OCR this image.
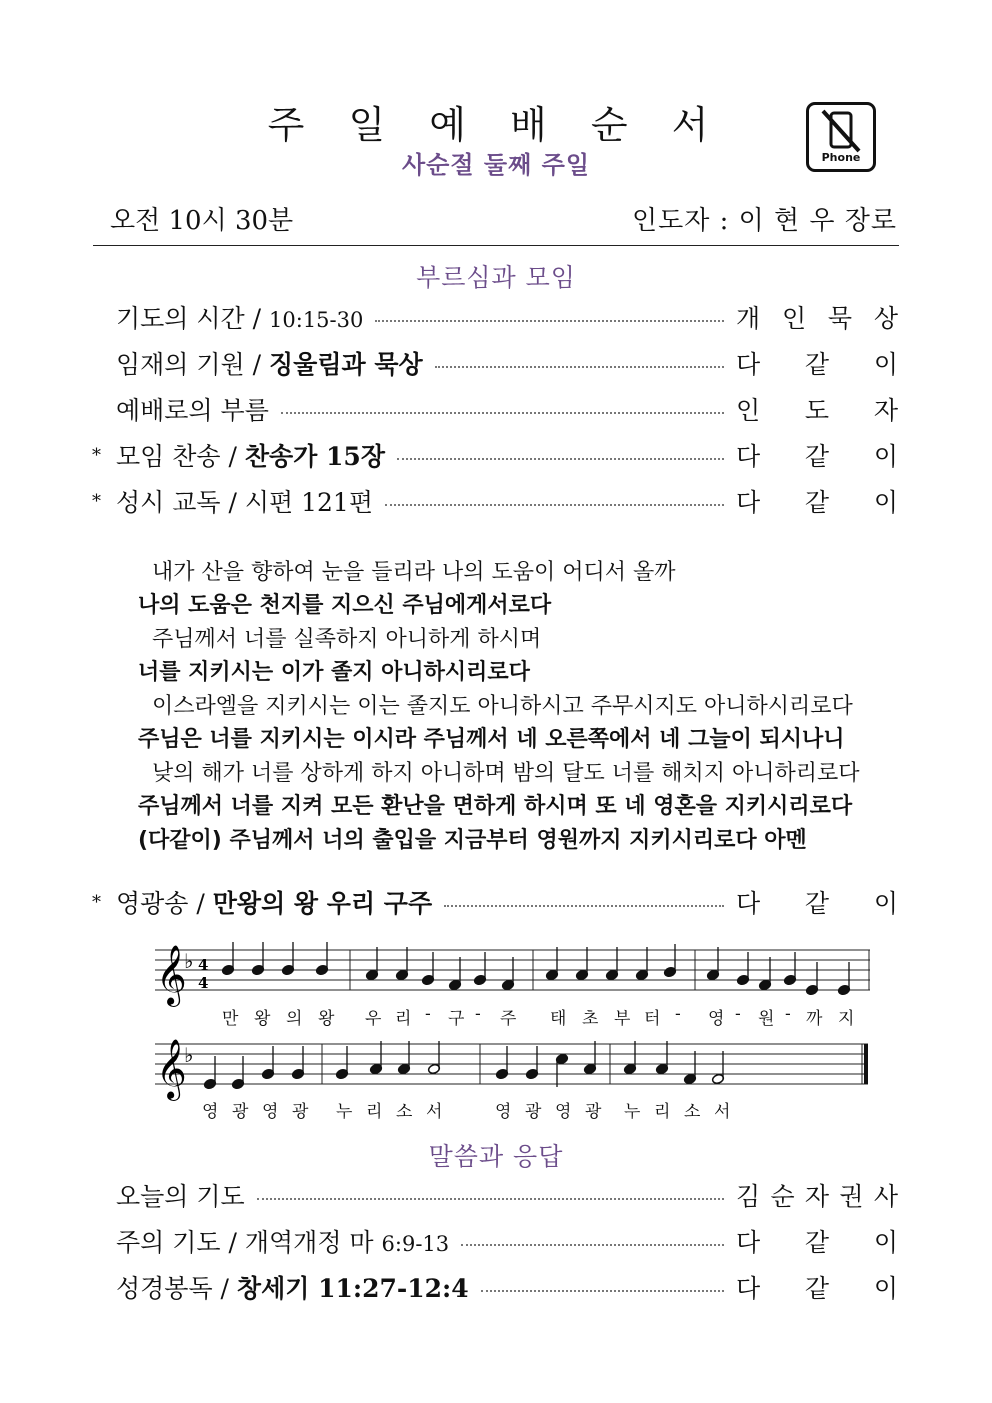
주 일 예 배 순 서
사순절 둘째 주일	Phone
오전 10시 30분	인도자 : 이 현 우 장로
부르심과 모임
기도의 시간 / 10:15-30	개 인 묵 상
임재의 기원 / 징울림과 묵상	다 같 이
예배로의 부름	인 도 자
* 모임 찬송 / 찬송가 15장	다 같 이
* 성시 교독 / 시편 121편	다 같 이
내가 산을 향하여 눈을 들리라 나의 도움이 어디서 올까
나의 도움은 천지를 지으신 주님에게서로다
주님께서 너를 실족하지 아니하게 하시며
너를 지키시는 이가 졸지 아니하시리로다
이스라엘을 지키시는 이는 졸지도 아니하시고 주무시지도 아니하시리로다
주님은 너를 지키시는 이시라 주님께서 네 오른쪽에서 네 그늘이 되시나니
낮의 해가 너를 상하게 하지 아니하며 밤의 달도 너를 해치지 아니하리로다
주님께서 너를 지켜 모든 환난을 면하게 하시며 또 네 영혼을 지키시리로다
(다같이) 주님께서 너의 출입을 지금부터 영원까지 지키시리로다 아멘
* 영광송 / 만왕의 왕 우리 구주	다 같 이
𝄞
♭ 4
4
만 왕 의 왕 우 리 - 구 - 주 태 초 부 터 - 영 - 원 - 까 지
𝄞
♭
영 광 영 광 누 리 소 서	영 광 영 광 누 리 소 서
말씀과 응답
오늘의 기도	김 순 자 권 사
주의 기도 / 개역개정 마 6:9-13	다 같 이
성경봉독 / 창세기 11:27-12:4	다 같 이
